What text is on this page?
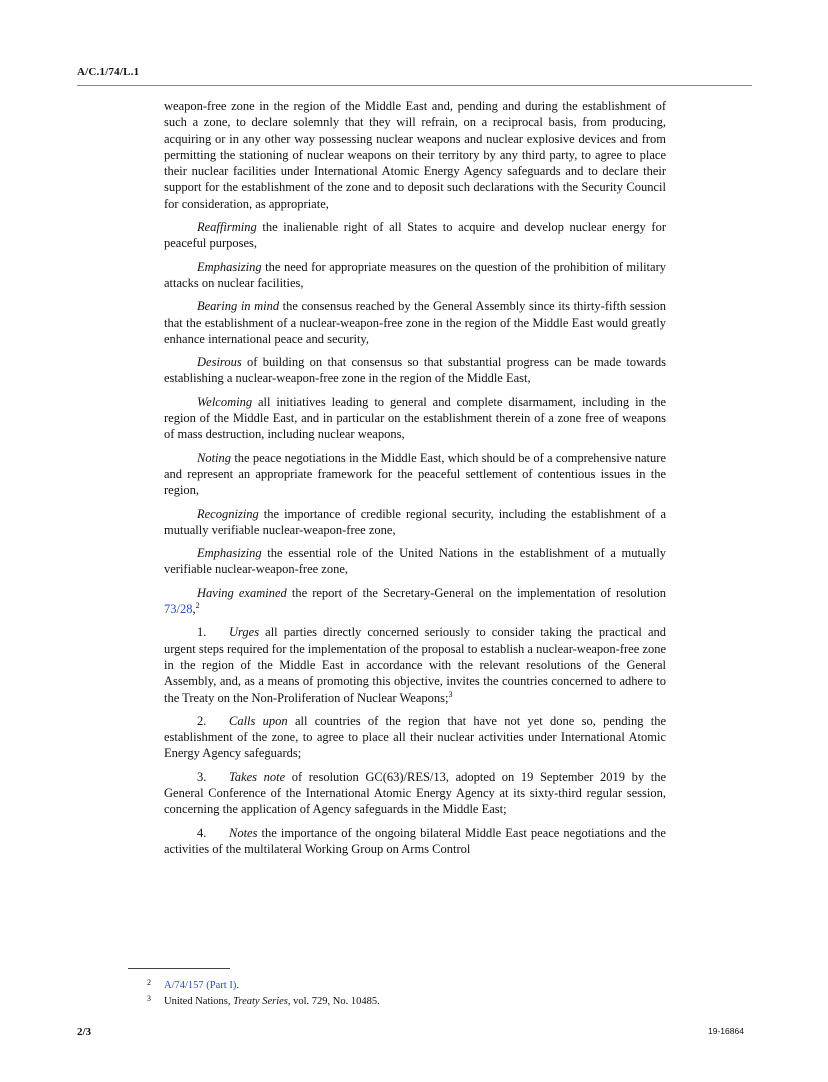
A/C.1/74/L.1

weapon-free zone in the region of the Middle East and, pending and during the establishment of such a zone, to declare solemnly that they will refrain, on a reciprocal basis, from producing, acquiring or in any other way possessing nuclear weapons and nuclear explosive devices and from permitting the stationing of nuclear weapons on their territory by any third party, to agree to place their nuclear facilities under International Atomic Energy Agency safeguards and to declare their support for the establishment of the zone and to deposit such declarations with the Security Council for consideration, as appropriate,

Reaffirming the inalienable right of all States to acquire and develop nuclear energy for peaceful purposes,

Emphasizing the need for appropriate measures on the question of the prohibition of military attacks on nuclear facilities,

Bearing in mind the consensus reached by the General Assembly since its thirty-fifth session that the establishment of a nuclear-weapon-free zone in the region of the Middle East would greatly enhance international peace and security,

Desirous of building on that consensus so that substantial progress can be made towards establishing a nuclear-weapon-free zone in the region of the Middle East,

Welcoming all initiatives leading to general and complete disarmament, including in the region of the Middle East, and in particular on the establishment therein of a zone free of weapons of mass destruction, including nuclear weapons,

Noting the peace negotiations in the Middle East, which should be of a comprehensive nature and represent an appropriate framework for the peaceful settlement of contentious issues in the region,

Recognizing the importance of credible regional security, including the establishment of a mutually verifiable nuclear-weapon-free zone,

Emphasizing the essential role of the United Nations in the establishment of a mutually verifiable nuclear-weapon-free zone,

Having examined the report of the Secretary-General on the implementation of resolution 73/28,$^2$

1. Urges all parties directly concerned seriously to consider taking the practical and urgent steps required for the implementation of the proposal to establish a nuclear-weapon-free zone in the region of the Middle East in accordance with the relevant resolutions of the General Assembly, and, as a means of promoting this objective, invites the countries concerned to adhere to the Treaty on the Non-Proliferation of Nuclear Weapons;$^3$

2. Calls upon all countries of the region that have not yet done so, pending the establishment of the zone, to agree to place all their nuclear activities under International Atomic Energy Agency safeguards;

3. Takes note of resolution GC(63)/RES/13, adopted on 19 September 2019 by the General Conference of the International Atomic Energy Agency at its sixty-third regular session, concerning the application of Agency safeguards in the Middle East;

4. Notes the importance of the ongoing bilateral Middle East peace negotiations and the activities of the multilateral Working Group on Arms Control

2 A/74/157 (Part I).
3 United Nations, Treaty Series, vol. 729, No. 10485.
2/3	19-16864
